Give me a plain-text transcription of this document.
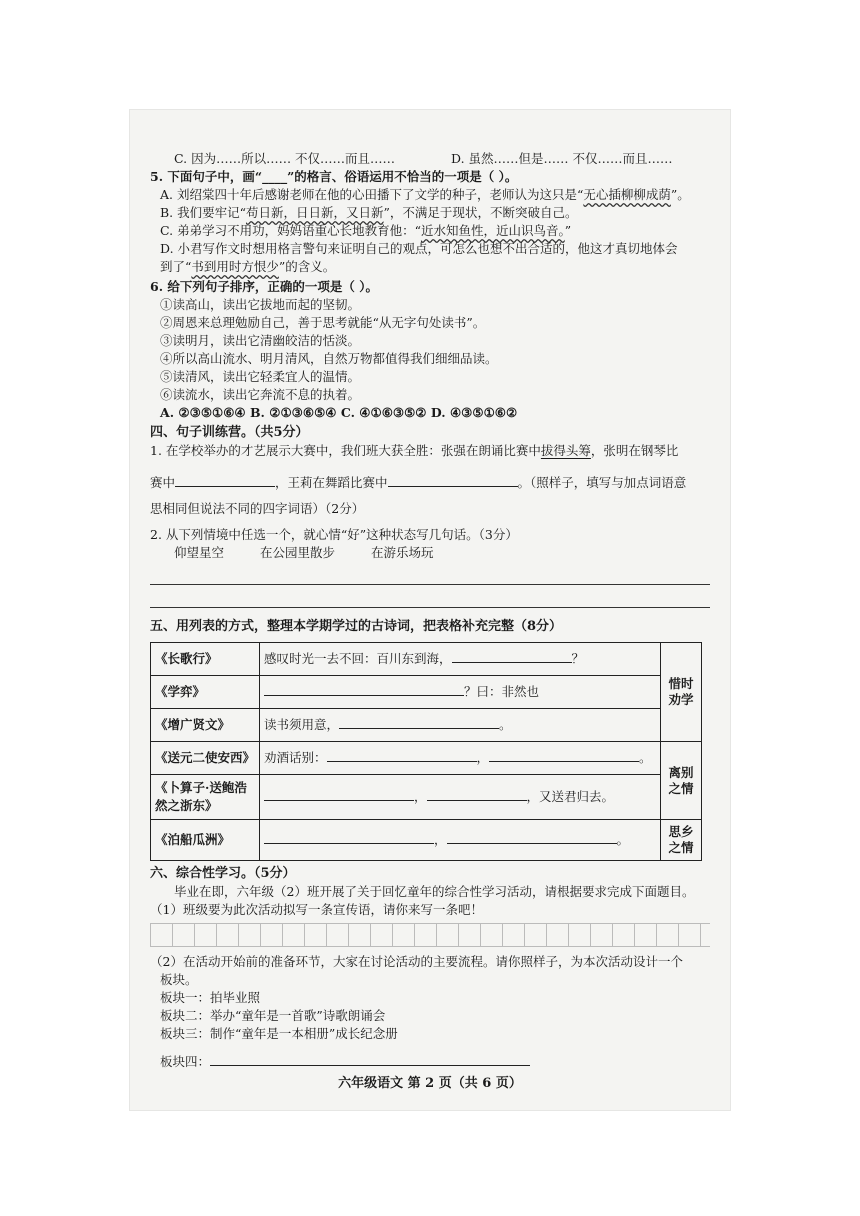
C. 因为……所以…… 不仅……而且……	D. 虽然……但是…… 不仅……而且……
5. 下面句子中，画“____”的格言、俗语运用不恰当的一项是（ ）。
A. 刘绍棠四十年后感谢老师在他的心田播下了文学的种子，老师认为这只是“无心插柳柳成荫”。
B. 我们要牢记“苟日新，日日新，又日新”，不满足于现状，不断突破自己。
C. 弟弟学习不用功，妈妈语重心长地教育他：“近水知鱼性，近山识鸟音。”
D. 小君写作文时想用格言警句来证明自己的观点，可怎么也想不出合适的，他这才真切地体会
到了“书到用时方恨少”的含义。
6. 给下列句子排序，正确的一项是（ ）。
①读高山，读出它拔地而起的坚韧。
②周恩来总理勉励自己，善于思考就能“从无字句处读书”。
③读明月，读出它清幽皎洁的恬淡。
④所以高山流水、明月清风，自然万物都值得我们细细品读。
⑤读清风，读出它轻柔宜人的温情。
⑥读流水，读出它奔流不息的执着。
A. ②③⑤①⑥④ B. ②①③⑥⑤④ C. ④①⑥③⑤② D. ④③⑤①⑥②
四、句子训练营。（共5分）
1. 在学校举办的才艺展示大赛中，我们班大获全胜：张强在朗诵比赛中拔得头筹，张明在钢琴比
赛中	，王莉在舞蹈比赛中	。（照样子，填写与加点词语意
思相同但说法不同的四字词语）（2分）
2. 从下列情境中任选一个，就心情“好”这种状态写几句话。（3分）
仰望星空	在公园里散步	在游乐场玩
五、用列表的方式，整理本学期学过的古诗词，把表格补充完整（8分）
《长歌行》	感叹时光一去不回：百川东到海， ？	惜时劝学
《学弈》	？曰：非然也	
《增广贤文》	读书须用意， 。	
《送元二使安西》	劝酒话别： ， 。	离别之情
《卜算子·送鲍浩然之浙东》	， ，又送君归去。	
《泊船瓜洲》	， 。	思乡之情
六、综合性学习。（5分）
毕业在即，六年级（2）班开展了关于回忆童年的综合性学习活动，请根据要求完成下面题目。
（1）班级要为此次活动拟写一条宣传语，请你来写一条吧！
（2）在活动开始前的准备环节，大家在讨论活动的主要流程。请你照样子，为本次活动设计一个
板块。
板块一：拍毕业照
板块二：举办“童年是一首歌”诗歌朗诵会
板块三：制作“童年是一本相册”成长纪念册
板块四：
六年级语文 第 2 页（共 6 页）
